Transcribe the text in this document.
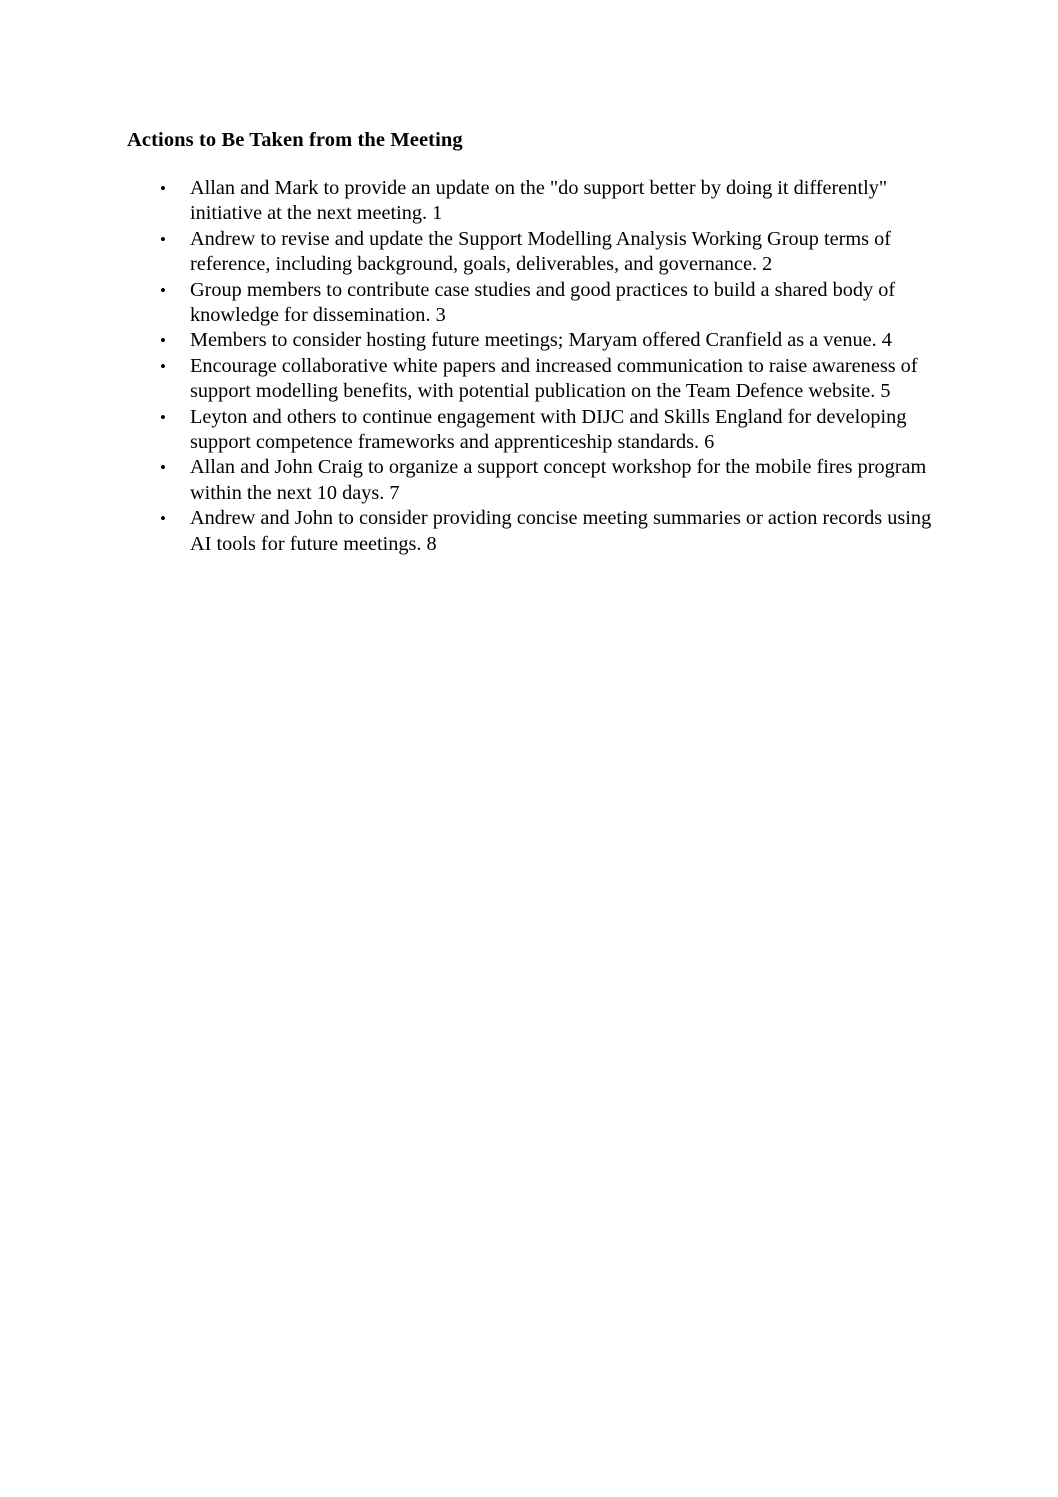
Actions to Be Taken from the Meeting
• Allan and Mark to provide an update on the "do support better by doing it differently" initiative at the next meeting. 1
• Andrew to revise and update the Support Modelling Analysis Working Group terms of reference, including background, goals, deliverables, and governance. 2
• Group members to contribute case studies and good practices to build a shared body of knowledge for dissemination. 3
• Members to consider hosting future meetings; Maryam offered Cranfield as a venue. 4
• Encourage collaborative white papers and increased communication to raise awareness of support modelling benefits, with potential publication on the Team Defence website. 5
• Leyton and others to continue engagement with DIJC and Skills England for developing support competence frameworks and apprenticeship standards. 6
• Allan and John Craig to organize a support concept workshop for the mobile fires program within the next 10 days. 7
• Andrew and John to consider providing concise meeting summaries or action records using AI tools for future meetings. 8
